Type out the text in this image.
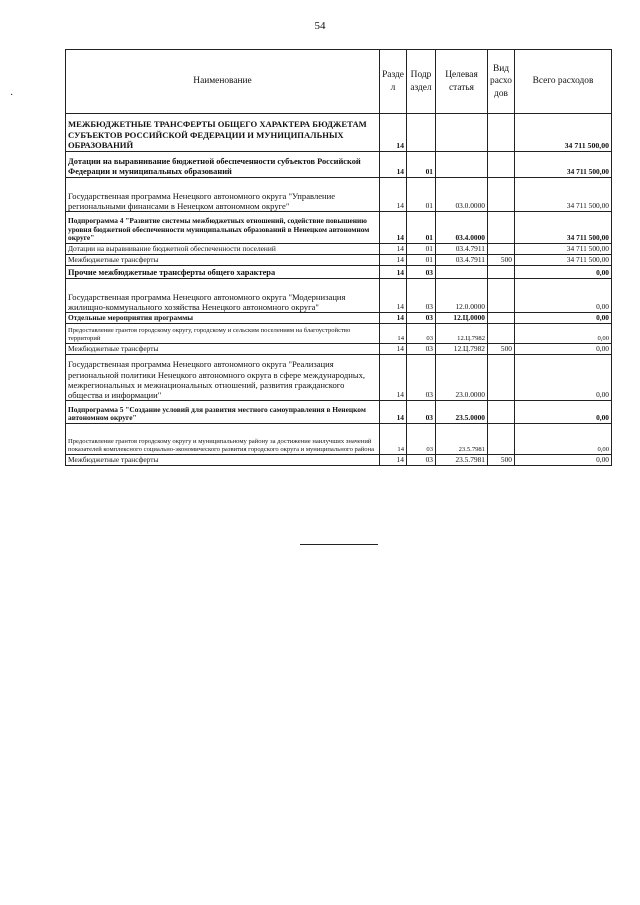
54
·
Наименование	Разде л	Подр аздел	Целевая статья	Вид расхо дов	Всего расходов
МЕЖБЮДЖЕТНЫЕ ТРАНСФЕРТЫ ОБЩЕГО ХАРАКТЕРА БЮДЖЕТАМ СУБЪЕКТОВ РОССИЙСКОЙ ФЕДЕРАЦИИ И МУНИЦИПАЛЬНЫХ ОБРАЗОВАНИЙ	14				34 711 500,00
Дотации на выравнивание бюджетной обеспеченности субъектов Российской Федерации и муниципальных образований	14	01			34 711 500,00
Государственная программа Ненецкого автономного округа "Управление региональными финансами в Ненецком автономном округе"	14	01	03.0.0000		34 711 500,00
Подпрограмма 4 "Развитие системы межбюджетных отношений, содействие повышению уровня бюджетной обеспеченности муниципальных образований в Ненецком автономном округе"	14	01	03.4.0000		34 711 500,00
Дотации на выравнивание бюджетной обеспеченности поселений	14	01	03.4.7911		34 711 500,00
Межбюджетные трансферты	14	01	03.4.7911	500	34 711 500,00
Прочие межбюджетные трансферты общего характера	14	03			0,00
Государственная программа Ненецкого автономного округа "Модернизация жилищно-коммунального хозяйства Ненецкого автономного округа"	14	03	12.0.0000		0,00
Отдельные мероприятия программы	14	03	12.Ц.0000		0,00
Предоставление грантов городскому округу, городскому и сельским поселениям на благоустройство территорий	14	03	12.Ц.7982		0,00
Межбюджетные трансферты	14	03	12.Ц.7982	500	0,00
Государственная программа Ненецкого автономного округа "Реализация региональной политики Ненецкого автономного округа в сфере международных, межрегиональных и межнациональных отношений, развития гражданского общества и информации"	14	03	23.0.0000		0,00
Подпрограмма 5 "Создание условий для развития местного самоуправления в Ненецком автономном округе"	14	03	23.5.0000		0,00
Предоставление грантов городскому округу и муниципальному району за достижение наилучших значений показателей комплексного социально-экономического развития городского округа и муниципального района	14	03	23.5.7981		0,00
Межбюджетные трансферты	14	03	23.5.7981	500	0,00
